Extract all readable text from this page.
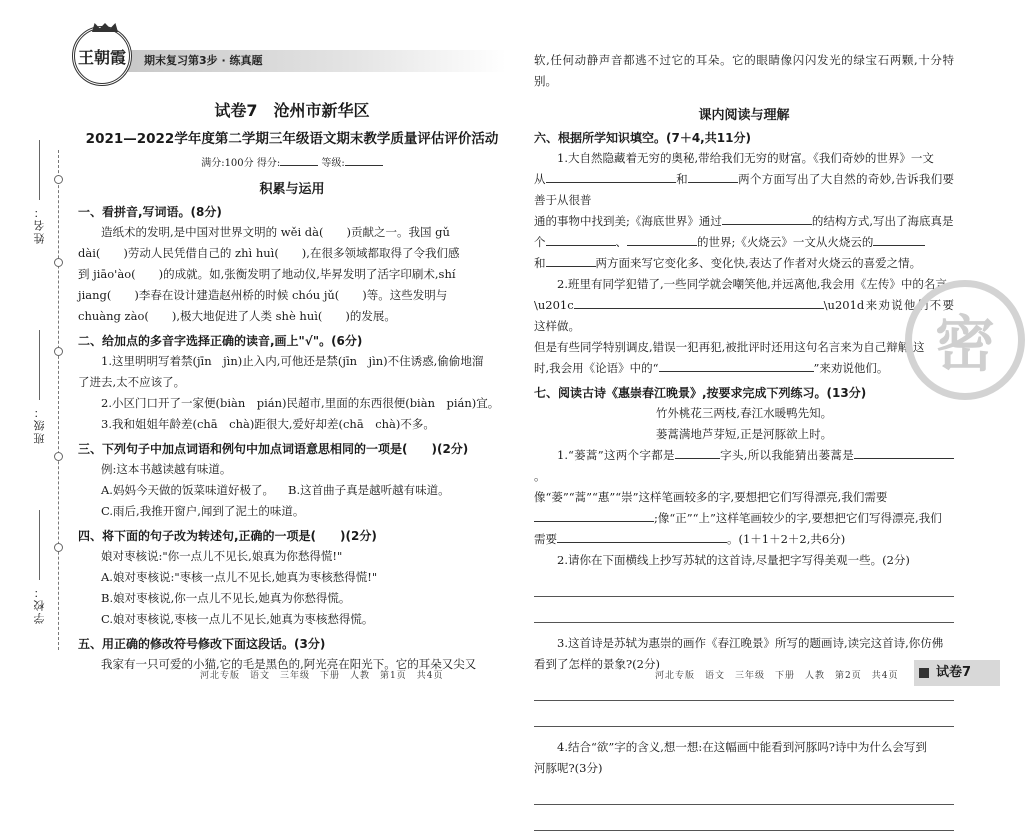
姓名：
班级：
学校：
期末复习第3步 · 练真题
王朝霞
试卷7　沧州市新华区
2021—2022学年度第二学期三年级语文期末教学质量评估评价活动
满分:100分 得分:	等级:
积累与运用
一、看拼音,写词语。(8分)
造纸术的发明,是中国对世界文明的 wěi dà(　　)贡献之一。我国 gǔ
dài(　　)劳动人民凭借自己的 zhì huì(　　),在很多领域都取得了令我们感
到 jiāo'ào(　　)的成就。如,张衡发明了地动仪,毕昇发明了活字印刷术,shí
jiang(　　)李春在设计建造赵州桥的时候 chóu jǔ(　　)等。这些发明与
chuàng zào(　　),极大地促进了人类 shè huì(　　)的发展。
二、给加点的多音字选择正确的读音,画上"√"。(6分)
1.这里明明写着禁(jīn　jìn)止入内,可他还是禁(jīn　jìn)不住诱惑,偷偷地溜
了进去,太不应该了。
2.小区门口开了一家便(biàn　pián)民超市,里面的东西很便(biàn　pián)宜。
3.我和姐姐年龄差(chā　chà)距很大,爱好却差(chā　chà)不多。
三、下列句子中加点词语和例句中加点词语意思相同的一项是(　　)(2分)
例:这本书越读越有味道。
A.妈妈今天做的饭菜味道好极了。	B.这首曲子真是越听越有味道。
C.雨后,我推开窗户,闻到了泥土的味道。
四、将下面的句子改为转述句,正确的一项是(　　)(2分)
娘对枣核说:"你一点儿不见长,娘真为你愁得慌!"
A.娘对枣核说:"枣核一点儿不见长,她真为枣核愁得慌!"
B.娘对枣核说,你一点儿不见长,她真为你愁得慌。
C.娘对枣核说,枣核一点儿不见长,她真为枣核愁得慌。
五、用正确的修改符号修改下面这段话。(3分)
我家有一只可爱的小猫,它的毛是黑色的,阿光亮在阳光下。它的耳朵又尖又
河北专版　语文　三年级　下册　人教　第1页　共4页
软,任何动静声音都逃不过它的耳朵。它的眼睛像闪闪发光的绿宝石两颗,十分特别。
课内阅读与理解
六、根据所学知识填空。(7＋4,共11分)
1.大自然隐藏着无穷的奥秘,带给我们无穷的财富。《我们奇妙的世界》一文
从	和	两个方面写出了大自然的奇妙,告诉我们要善于从很普
通的事物中找到美;《海底世界》通过	的结构方式,写出了海底真是
个	、	的世界;《火烧云》一文从火烧云的
和	两方面来写它变化多、变化快,表达了作者对火烧云的喜爱之情。
2.班里有同学犯错了,一些同学就会嘲笑他,并远离他,我会用《左传》中的名言
\u201c	\u201d来劝说他们不要这样做。
但是有些同学特别调皮,错误一犯再犯,被批评时还用这句名言来为自己辩解,这
时,我会用《论语》中的“	”来劝说他们。
七、阅读古诗《惠崇春江晚景》,按要求完成下列练习。(13分)
竹外桃花三两枝,春江水暖鸭先知。
蒌蒿满地芦芽短,正是河豚欲上时。
1.“蒌蒿”这两个字都是	字头,所以我能猜出蒌蒿是。
像“蒌”“蒿”“惠”“崇”这样笔画较多的字,要想把它们写得漂亮,我们需要
;像“正”“上”这样笔画较少的字,要想把它们写得漂亮,我们
需要	。(1＋1＋2＋2,共6分)
2.请你在下面横线上抄写苏轼的这首诗,尽量把字写得美观一些。(2分)
3.这首诗是苏轼为惠崇的画作《春江晚景》所写的题画诗,读完这首诗,你仿佛
看到了怎样的景象?(2分)
4.结合“欲”字的含义,想一想:在这幅画中能看到河豚吗?诗中为什么会写到
河豚呢?(3分)
河北专版　语文　三年级　下册　人教　第2页　共4页	试卷7
密
